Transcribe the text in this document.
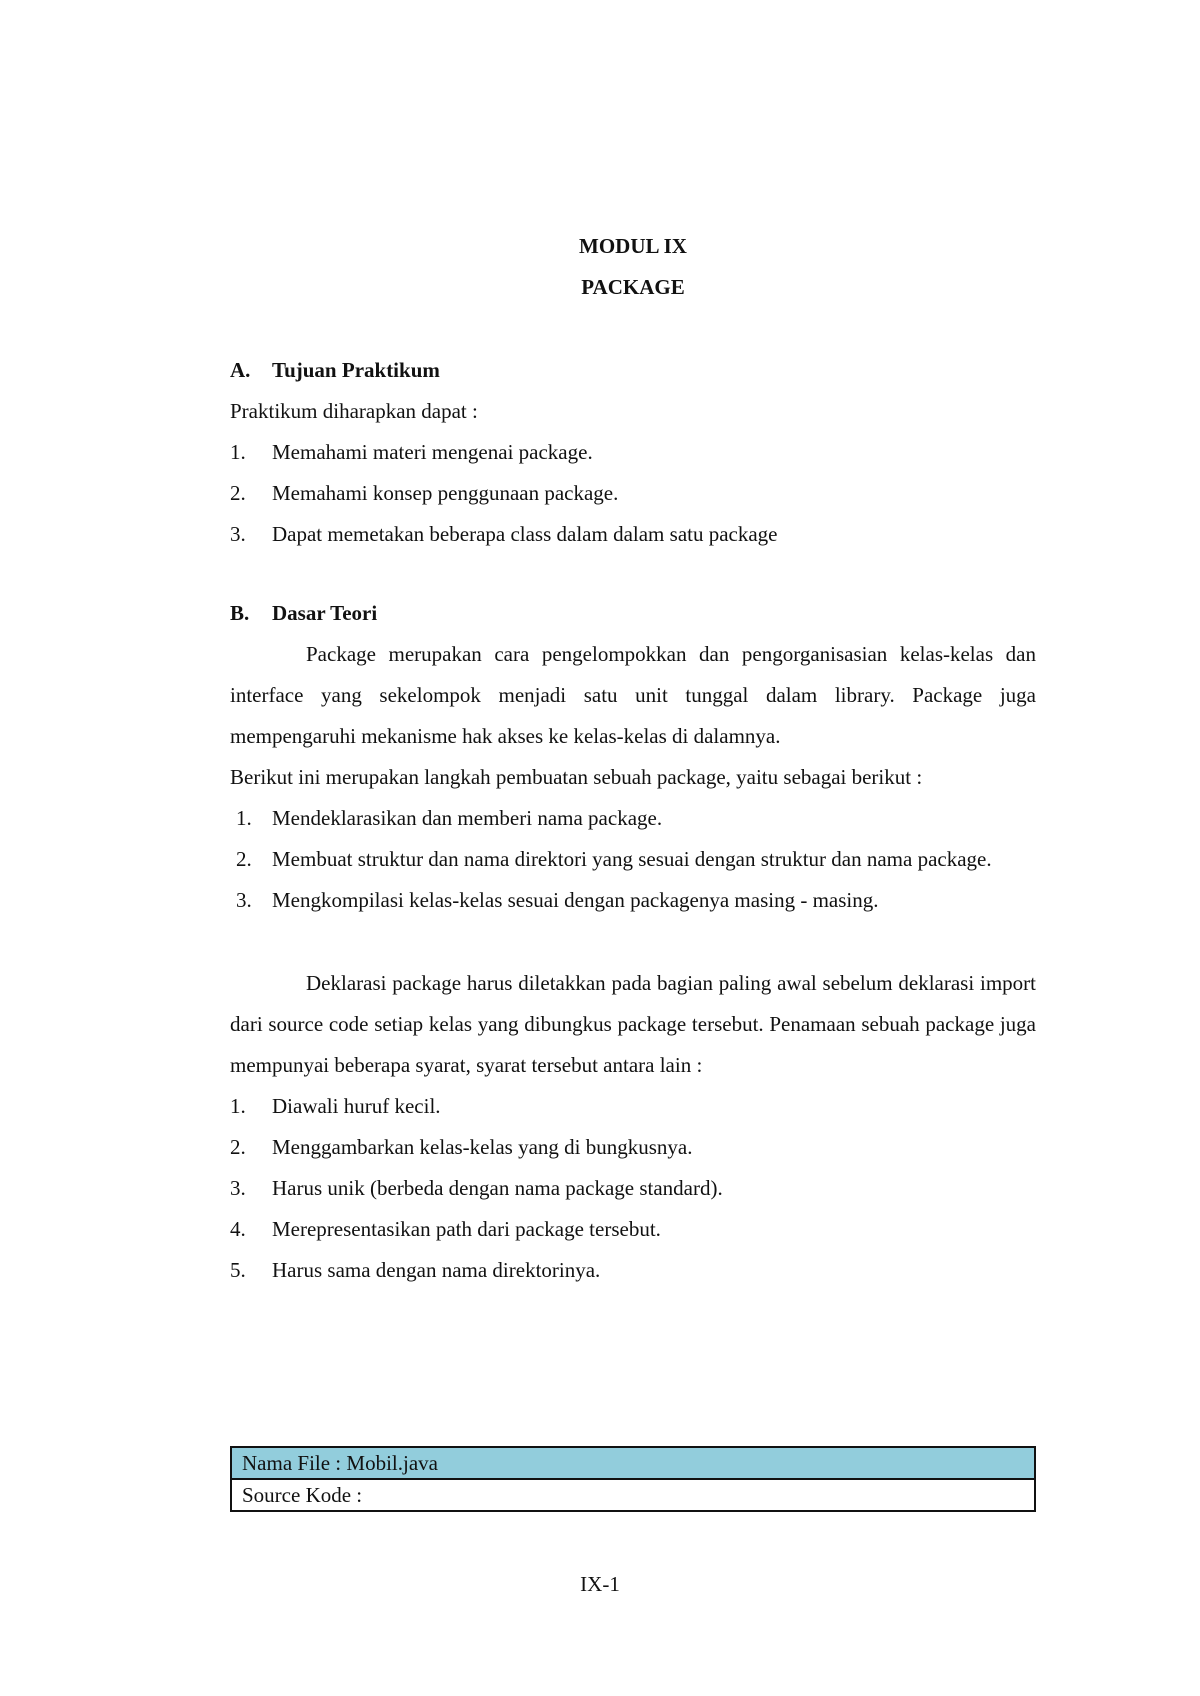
MODUL IX

PACKAGE

A.	Tujuan Praktikum

Praktikum diharapkan dapat :

1.	Memahami materi mengenai package.
2.	Memahami konsep penggunaan package.
3.	Dapat memetakan beberapa class dalam dalam satu package
B.	Dasar Teori

Package merupakan cara pengelompokkan dan pengorganisasian kelas-kelas dan interface yang sekelompok menjadi satu unit tunggal dalam library. Package juga mempengaruhi mekanisme hak akses ke kelas-kelas di dalamnya.

Berikut ini merupakan langkah pembuatan sebuah package, yaitu sebagai berikut :

1. Mendeklarasikan dan memberi nama package.
2. Membuat struktur dan nama direktori yang sesuai dengan struktur dan nama package.
3. Mengkompilasi kelas-kelas sesuai dengan packagenya masing - masing.

Deklarasi package harus diletakkan pada bagian paling awal sebelum deklarasi import dari source code setiap kelas yang dibungkus package tersebut. Penamaan sebuah package juga mempunyai beberapa syarat, syarat tersebut antara lain :

1.	Diawali huruf kecil.
2.	Menggambarkan kelas-kelas yang di bungkusnya.
3.	Harus unik (berbeda dengan nama package standard).
4.	Merepresentasikan path dari package tersebut.
5.	Harus sama dengan nama direktorinya.
Nama File : Mobil.java
Source Kode :
IX-1
